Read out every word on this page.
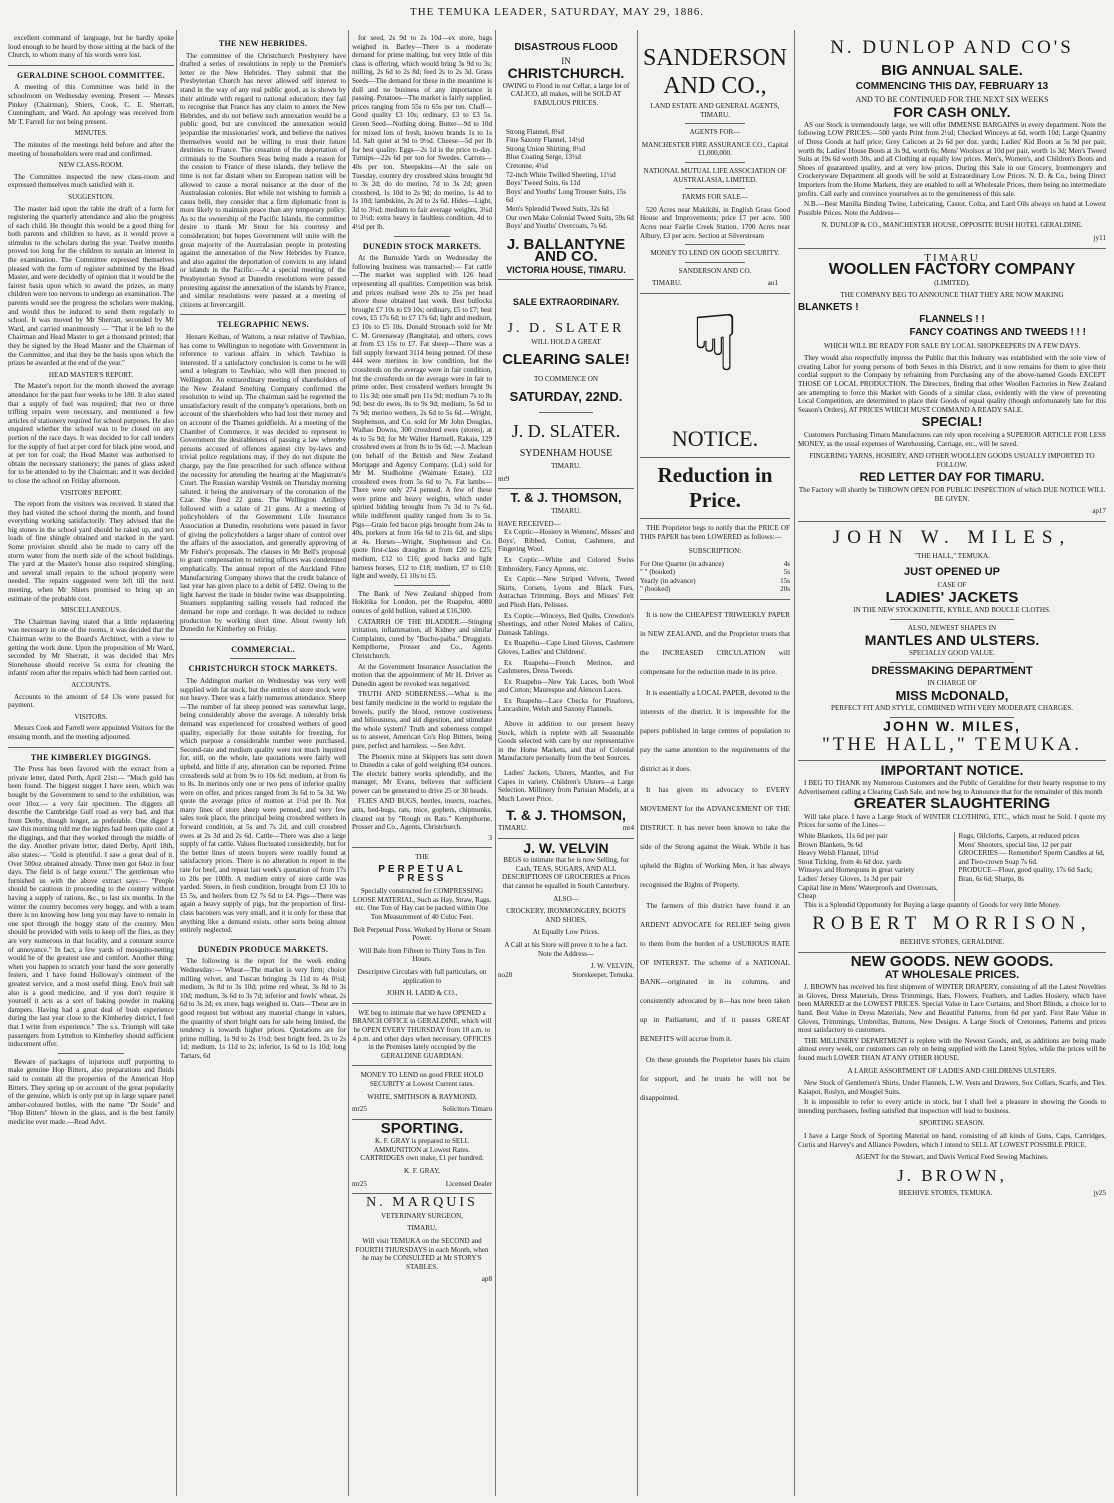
THE TEMUKA LEADER, SATURDAY, MAY 29, 1886.

excellent command of language, but he hardly spoke loud enough to be heard by those sitting at the back of the Church, to whom many of his words were lost.

GERALDINE SCHOOL COMMITTEE.

A meeting of this Committee was held in the schoolroom on Wednesday evening. Present — Messrs Pinkey (Chairman), Shiers, Cook, C. E. Sherratt, Cunningham, and Ward. An apology was received from Mr T. Farrell for not being present.

MINUTES.

The minutes of the meetings held before and after the meeting of householders were read and confirmed.

NEW CLASS-ROOM.

The Committee inspected the new class-room and expressed themselves much satisfied with it.

SUGGESTION.

The master laid upon the table the draft of a form for registering the quarterly attendance and also the progress of each child. He thought this would be a good thing for both parents and children to have, as it would prove a stimulus to the scholars during the year. Twelve months proved too long for the children to sustain an interest in the examination. The Committee expressed themselves pleased with the form of register submitted by the Head Master, and were decidedly of opinion that it would be the fairest basis upon which to award the prizes, as many children were too nervous to undergo an examination. The parents would see the progress the scholars were making, and would thus be induced to send them regularly to school. It was moved by Mr Sherratt, seconded by Mr Ward, and carried unanimously — "That it be left to the Chairman and Head Master to get a thousand printed; that they be signed by the Head Master and the Chairman of the Committee, and that they be the basis upon which the prizes be awarded at the end of the year."

HEAD MASTER'S REPORT.

The Master's report for the month showed the average attendance for the past four weeks to be 180. It also stated that a supply of fuel was required; that two or three trifling repairs were necessary, and mentioned a few articles of stationery required for school purposes. He also enquired whether the school was to be closed on any portion of the race days. It was decided to for call tenders for the supply of fuel at per cord for black pine wood, and at per ton for coal; the Head Master was authorised to obtain the necessary stationery; the panes of glass asked for to be attended to by the Chairman; and it was decided to close the school on Friday afternoon.

VISITORS' REPORT.

The report from the visitors was received. It stated that they had visited the school during the month, and found everything working satisfactorily. They advised that the big stones in the school yard should be raked up, and ten loads of fine shingle obtained and stacked in the yard. Some provision should also be made to carry off the storm water from the north side of the school buildings. The yard at the Master's house also required shingling, and several small repairs to the school property were needed. The repairs suggested were left till the next meeting, when Mr Shiers promised to bring up an estimate of the probable cost.

MISCELLANEOUS.

The Chairman having stated that a little replastering was necessary in one of the rooms, it was decided that the Chairman write to the Board's Architect, with a view to getting the work done. Upon the proposition of Mr Ward, seconded by Mr Sherratt, it was decided that Mrs Stonehouse should receive 5s extra for cleaning the infants' room after the repairs which had been carried out.

ACCOUNTS.

Accounts to the amount of £4 13s were passed for payment.

VISITORS.

Messrs Cook and Farrell were appointed Visitors for the ensuing month, and the meeting adjourned.

THE KIMBERLEY DIGGINGS.

The Press has been favored with the extract from a private letter, dated Perth, April 21st:— "Much gold has been found. The biggest nugget I have seen, which was bought by the Government to send to the exhibition, was over 10oz.— a very fair specimen. The diggers all describe the Cambridge Gulf road as very bad, and that from Derby, though longer, as preferable. One digger I saw this morning told me the nights had been quite cool at the diggings, and that they worked through the middle of the day. Another private letter, dated Derby, April 18th, also states:— "Gold is plentiful. I saw a great deal of it. Over 500oz obtained already. Three men got 64oz in four days. The field is of large extent." The gentleman who furnished us with the above extract says:— "People should be cautious in proceeding to the country without having a supply of rations, &c., to last six months. In the winter the country becomes very boggy, and with a team there is no knowing how long you may have to remain in one spot through the boggy state of the country. Men should be provided with veils to keep off the flies, as they are very numerous in that locality, and a constant source of annoyance." In fact, a few yards of mosquito-netting would be of the greatest use and comfort. Another thing: when you happen to scratch your hand the sore generally festers, and I have found Holloway's ointment of the greatest service, and a most useful thing. Eno's fruit salt also is a good medicine, and if you don't require it yourself it acts as a sort of baking powder in making dampers. Having had a great deal of bush experience during the last year close to the Kimberley district, I feel that I write from experience." The s.s. Triumph will take passengers from Lyttelton to Kimberley should sufficient inducement offer.

Beware of packages of injurious stuff purporting to make genuine Hop Bitters, also preparations and fluids said to contain all the properties of the American Hop Bitters. They spring up on account of the great popularity of the genuine, which is only put up in large square panel amber-coloured bottles, with the name "Dr Soule" and "Hop Bitters" blown in the glass, and is the best family medicine ever made.—Read Advt.

THE NEW HEBRIDES.

The committee of the Christchurch Presbytery have drafted a series of resolutions in reply to the Premier's letter re the New Hebrides. They submit that the Presbyterian Church has never allowed self interest to stand in the way of any real public good, as is shown by their attitude with regard to national education; they fail to recognise that France has any claim to annex the New Hebrides, and do not believe such annexation would be a public good, but are convinced the annexation would jeopardise the missionaries' work, and believe the natives themselves would not be willing to trust their future destinies to France. The cessation of the deportation of criminals to the Southern Seas being made a reason for the cession to France of these islands, they believe the time is not far distant when no European nation will be allowed to cause a moral nuisance at the door of the Australasian colonies. But while not wishing to furnish a casus belli, they consider that a firm diplomatic front is more likely to maintain peace than any temporary policy. As to the ownership of the Pacific Islands, the committee desire to thank Mr Stout for his courtesy and consideration; but hopes Government will unite with the great majority of the Australasian people in protesting against the annexation of the New Hebrides by France, and also against the deportation of convicts to any island or islands in the Pacific.—At a special meeting of the Presbyterian Synod at Dunedin resolutions were passed protesting against the annexation of the islands by France, and similar resolutions were passed at a meeting of citizens at Invercargill.

TELEGRAPHIC NEWS.

Henare Keihau, of Waitotu, a near relative of Tawhiao, has come to Wellington to negotiate with Government in reference to various affairs in which Tawhiao is interested. If a satisfactory conclusion is come to he will send a telegram to Tawhiao, who will then proceed to Wellington. An extraordinary meeting of shareholders of the New Zealand Smelting Company confirmed the resolution to wind up. The chairman said he regretted the unsatisfactory result of the company's operations, both on account of the shareholders who had lost their money and on account of the Thames goldfields. At a meeting of the Chamber of Commerce, it was decided to represent to Government the desirableness of passing a law whereby persons accused of offences against city by-laws and trivial police regulations may, if they do not dispute the charge, pay the fine prescribed for such offence without the necessity for attending the hearing at the Magistrate's Court. The Russian warship Vestnik on Thursday morning saluted, it being the anniversary of the coronation of the Czar. She fired 22 guns. The Wellington Artillery followed with a salute of 21 guns. At a meeting of policyholders of the Government Life Insurance Association at Dunedin, resolutions were passed in favor of giving the policyholders a larger share of control over the affairs of the association, and generally approving of Mr Fisher's proposals. The clauses in Mr Bell's proposal to grant compensation to retiring officers was condemned emphatically. The annual report of the Auckland Fibre Manufacturing Company shows that the credit balance of last year has given place to a debit of £492. Owing to the light harvest the trade in binder twine was disappointing. Steamers supplanting sailing vessels had reduced the demand for rope and cordage. It was decided to reduce production by working short time. About twenty left Dunedin for Kimberley on Friday.

COMMERCIAL.
CHRISTCHURCH STOCK MARKETS.

The Addington market on Wednesday was very well supplied with fat stock, but the entries of store stock were not heavy. There was a fairly numerous attendance. Sheep—The number of fat sheep penned was somewhat large, being considerably above the average. A tolerably brisk demand was experienced for crossbred wethers of good quality, especially for those suitable for freezing, for which purpose a considerable number were purchased. Second-rate and medium quality were not much inquired for, still, on the whole, late quotations were fairly well upheld, and little if any, alteration can be reported. Prime crossbreds sold at from 9s to 10s 6d; medium, at from 6s to 8s. In merinos only one or two pens of inferior quality were on offer, and prices ranged from 3s 6d to 5s 3d. We quote the average price of mutton at 1½d per lb. Not many lines of store sheep were penned, and very few sales took place, the principal being crossbred wethers in forward condition, at 5s and 7s 2d, and cull crossbred ewes at 2s 3d and 2s 6d. Cattle—There was also a large supply of fat cattle. Values fluctuated considerably, but for the better lines of steers buyers were readily found at satisfactory prices. There is no alteration to report in the rate for beef, and repeat last week's quotation of from 17s to 20s per 100lb. A medium entry of store cattle was yarded. Steers, in fresh condition, brought from £3 10s to £5 5s, and heifers from £2 7s 6d to £4. Pigs—There was again a heavy supply of pigs, but the proportion of first-class baconers was very small, and it is only for these that anything like a demand exists, other sorts being almost entirely neglected.

DUNEDIN PRODUCE MARKETS.

The following is the report for the week ending Wednesday:— Wheat—The market is very firm; choice milling velvet, and Tuscan bringing 3s 11d to 4s 0½d; medium, 3s 8d to 3s 10d; prime red wheat, 3s 8d to 3s 10d; medium, 3s 6d to 3s 7d; inferior and fowls' wheat, 2s 6d to 3s 2d; ex store, bags weighed in. Oats—These are in good request but without any material change in values, the quantity of short bright oats for sale being limited, the tendency is towards higher prices. Quotations are for prime milling, 1s 9d to 2s 1½d; best bright feed, 2s to 2s 1d; medium, 1s 11d to 2s; inferior, 1s 6d to 1s 10d; long Tartars, 6d

for seed, 2s 9d to 2s 10d—ex store, bags weighed in. Barley—There is a moderate demand for prime malting, but very little of this class is offering, which would bring 3s 9d to 3s; milling, 2s 6d to 2s 8d; feed 2s to 2s 3d. Grass Seeds—The demand for these in the meantime is dull and no business of any importance is passing. Potatoes—The market is fairly supplied, prices ranging from 55s to 65s per ton. Chaff—Good quality £3 10s; ordinary, £3 to £3 5s. Green Seed—Nothing doing. Butter—9d to 10d for mixed lots of fresh, known brands 1s to 1s 1d. Salt quiet at 9d to 9½d. Cheese—5d per lb for best quality. Eggs—2s 1d is the price to-day. Turnips—22s 6d per ton for Swedes. Carrots—40s per ton. Sheepskins—At the sale on Tuesday, country dry crossbred skins brought 9d to 3s 2d; do do merino, 7d to 3s 2d; green crossbred, 1s 10d to 2s 9d; do merino, 1s 4d to 1s 10d; lambskins, 2s 2d to 2s 6d. Hides—Light, 3d to 3¼d; medium to fair average weights, 3¼d to 3½d; extra heavy in faultless condition, 4d to 4½d per lb.

DUNEDIN STOCK MARKETS.

At the Burnside Yards on Wednesday the following business was transacted:— Fat cattle—The market was supplied with 126 head representing all qualities. Competition was brisk and prices realised were 20s to 25s per head above those obtained last week. Best bullocks brought £7 10s to £9 10s; ordinary, £5 to £7; best cows, £5 17s 6d; to £7 17s 6d; light and medium, £3 10s to £5 10s. Donald Stronach sold for Mr C. M. Greenaway (Rangitata), and others, cows at from £3 15s to £7. Fat sheep—There was a full supply forward 3114 being penned. Of these 444 were merinos in low condition, but the crossbreds on the average were in fair condition, but the crossbreds on the average were in fair to prime order. Best crossbred wethers brought 9s to 11s 3d; one small pen 11s 9d; medium 7s to 8s 9d; best do ewes, 8s to 9s 9d; medium, 5s 6d to 7s 9d; merino wethers, 2s 6d to 5s 6d.—Wright, Stephenson, and Co. sold for Mr John Douglas, Waihao Downs, 300 crossbred ewes (stores), at 4s to 5s 9d; for Mr Walter Hartnell, Rakaia, 129 crossbred ewes at from 8s to 9s 6d; —J. Maclean (on behalf of the British and New Zealand Mortgage and Agency Company, (Ld.) sold for Mr M. Studholme (Waimate Estate), 132 crossbred ewes from 5s 6d to 7s. Fat lambs—There were only 274 penned. A few of these were prime and heavy weights, which under spirited bidding brought from 7s 3d to 7s 6d, while indifferent quality ranged from 3s to 5s. Pigs—Grain fed bacon pigs brought from 24s to 40s, porkers at from 16s 6d to 21s 6d, and slips at 4s. Horses—Wright, Stephenson and Co. quote first-class draughts at from £20 to £25; medium, £12 to £16; good hacks and light harness horses, £12 to £18; medium, £7 to £10; light and weedy, £1 10s to £5.

The Bank of New Zealand shipped from Hokitika for London, per the Ruapehu, 4080 ounces of gold bullion, valued at £16,300.

CATARRH OF THE BLADDER.—Stinging irritation, inflammation, all Kidney and similar Complaints, cured by "Buchu-paiba." Druggists. Kempthorne, Prosser and Co., Agents Christchurch.

At the Government Insurance Association the motion that the appointment of Mr H. Driver as Dunedin agent be revoked was negatived.

TRUTH AND SOBERNESS.—What is the best family medicine in the world to regulate the bowels, purify the blood, remove costiveness and biliousness, and aid digestion, and stimulate the whole system? Truth and soberness compel us to answer, American Co's Hop Bitters, being pure, perfect and harmless. —See Advt.

The Phoenix mine at Skippers has sent down to Dunedin a cake of gold weighing 834 ounces. The electric battery works splendidly, and the manager, Mr Evans, believes that sufficient power can be generated to drive 25 or 30 heads.

FLIES AND BUGS, beetles, insects, roaches, ants, bed-bugs, rats, mice, gophers, chipmunks, cleared out by "Rough on Rats." Kempthorne, Prosser and Co., Agents, Christchurch.

3
THE
PERPETUAL PRESS
Specially constructed for COMPRESSING LOOSE MATERIAL, Such as Hay, Straw, Rags, etc. One Ton of Hay can be packed within One Ton Measurement of 40 Cubic Feet.
Belt Perpetual Press. Worked by Horse or Steam Power.
Will Bale from Fifteen to Thirty Tons in Ten Hours.
Descriptive Circulars with full particulars, on application to
JOHN H. LADD & CO.,
WE beg to intimate that we have OPENED a BRANCH OFFICE in GERALDINE, which will be OPEN EVERY THURSDAY from 10 a.m. to 4 p.m. and other days when necessary. OFFICES in the Premises lately occupied by the GERALDINE GUARDIAN.
MONEY TO LEND on good FREE HOLD SECURITY at Lowest Current rates.
WHITE, SMITHSON & RAYMOND,
mr25	Solicitors Timaru
SPORTING.
K. F. GRAY is prepared to SELL AMMUNITION at Lowest Rates. CARTRIDGES own make, £1 per hundred.
K. F. GRAY,
mr25	Licensed Dealer
N. MARQUIS
VETERINARY SURGEON,
TIMARU,
Will visit TEMUKA on the SECOND and FOURTH THURSDAYS in each Month, when he may be CONSULTED at Mr STORY'S STABLES.
ap8
DISASTROUS FLOOD
IN
CHRISTCHURCH.
OWING to Flood in our Cellar, a large lot of CALICO, all makes, will be SOLD AT FABULOUS PRICES.
Strong Flannel, 8¼d
Fine Saxony Flannel, 14½d
Strong Union Shirting, 8½d
Blue Coating Serge, 13½d
Cretonne, 4½d
72-inch White Twilled Sheeting, 11½d
Boys' Tweed Suits, 6s 11d
Boys' and Youths' Long Trouser Suits, 15s 6d
Men's Splendid Tweed Suits, 32s 6d
Our own Make Colonial Tweed Suits, 59s 6d
Boys' and Youths' Overcoats, 7s 6d.
J. BALLANTYNE
AND CO.
VICTORIA HOUSE, TIMARU.
SALE EXTRAORDINARY.
J. D. SLATER
WILL HOLD A GREAT
CLEARING SALE!
TO COMMENCE ON
SATURDAY, 22ND.
J. D. SLATER.
SYDENHAM HOUSE
TIMARU.
mr9
T. & J. THOMSON,
TIMARU.
HAVE RECEIVED—

Ex Coptic—Hosiery in Womens', Misses' and Boys', Ribbed, Cotton, Cashmere, and Fingering Wool.

Ex Coptic—White and Colored Swiss Embroidery, Fancy Aprons, etc.

Ex Coptic—New Striped Velvets, Tweed Skirts, Corsets, Lyons and Black Furs, Astrachan Trimming, Boys and Misses' Felt and Plush Hats, Pelisses.

Ex Coptic—Winceys, Bed Quilts, Crewdon's Sheetings, and other Noted Makes of Calico, Damask Tablings.

Ex Ruapehu—Cape Lined Gloves, Cashmere Gloves, Ladies' and Childrens'.

Ex Ruapehu—French Merinos, and Cashmeres, Dress Tweeds.

Ex Ruapehu—New Yak Laces, both Wool and Cotton; Maurespue and Alencon Laces.

Ex Ruapehu—Lace Checks for Pinafores, Lancashire, Welsh and Saxony Flannels.

Above in addition to our present heavy Stock, which is replete with all Seasonable Goods selected with care by our representative in the Home Markets, and that of Colonial Manufacture personally from the best Sources.

Ladies' Jackets, Ulsters, Mantles, and Fur Capes in variety. Children's Ulsters—a Large Selection. Millinery from Parisian Models, at a Much Lower Price.

T. & J. THOMSON,
TIMARU.	mr4
J. W. VELVIN
BEGS to intimate that he is now Selling, for Cash, TEAS, SUGARS, AND ALL DESCRIPTIONS OF GROCERIES at Prices that cannot be equalled in South Canterbury.
ALSO—
CROCKERY, IRONMONGERY, BOOTS AND SHOES,
At Equally Low Prices.
A Call at his Store will prove it to be a fact. Note the Address—
J. W. VELVIN,
no28	Storekeeper, Temuka.
SANDERSON
AND CO.,
LAND ESTATE AND GENERAL AGENTS, TIMARU.
AGENTS FOR—
MANCHESTER FIRE ASSURANCE CO., Capital £1,000,000.
NATIONAL MUTUAL LIFE ASSOCIATION OF AUSTRALASIA, LIMITED.
FARMS FOR SALE—

520 Acres near Makikihi, in English Grass Good House and Improvements; price £7 per acre. 500 Acres near Fairlie Creek Station. 1700 Acres near Albury, £3 per acre. Section at Silverstream

MONEY TO LEND ON GOOD SECURITY.
SANDERSON AND CO.
TIMARU.	au1
☟
NOTICE.
Reduction in Price.

THE Proprietor begs to notify that the PRICE OF THIS PAPER has been LOWERED as follows:—

SUBSCRIPTION:
For One Quarter (in advance)	4s
" " (booked)	5s
Yearly (in advance)	15s
" (booked)	20s

It is now the CHEAPEST TRIWEEKLY PAPER in NEW ZEALAND, and the Proprietor trusts that the INCREASED CIRCULATION will compensate for the reduction made in its price.

It is essentially a LOCAL PAPER, devoted to the interests of the district. It is impossible for the papers published in large centres of population to pay the same attention to the requirements of the district as it does.

It has given its advocacy to EVERY MOVEMENT for the ADVANCEMENT OF THE DISTRICT. It has never been known to take the side of the Strong against the Weak. While it has upheld the Rights of Working Men, it has always recognised the Rights of Property.

The farmers of this district have found it an ARDENT ADVOCATE for RELIEF being given to them from the burden of a USURIOUS RATE OF INTEREST. The scheme of a NATIONAL BANK—originated in its columns, and consistently advocated by it—has now been taken up in Parliament, and if it passes GREAT BENEFITS will accrue from it.

On these grounds the Proprietor bases his claim for support, and he trusts he will not be disappointed.

N. DUNLOP AND CO'S
BIG ANNUAL SALE.
COMMENCING THIS DAY, FEBRUARY 13
AND TO BE CONTINUED FOR THE NEXT SIX WEEKS
FOR CASH ONLY.

AS our Stock is tremendously large, we will offer IMMENSE BARGAINS in every department. Note the following LOW PRICES:—500 yards Print from 2½d; Checked Winceys at 6d, worth 10d; Large Quantity of Dress Goods at half price; Grey Calicoes at 2s 6d per doz. yards; Ladies' Kid Boots at 5s 9d per pair, worth 8s; Ladies' House Boots at 3s 9d, worth 6s; Mens' Woolsox at 10d per pair, worth 1s 3d; Men's Tweed Suits at 19s 6d worth 30s, and all Clothing at equally low prices. Men's, Women's, and Children's Boots and Shoes of guaranteed quality, and at very low prices. During this Sale in our Grocery, Ironmongery and Crockeryware Department all goods will be sold at Extraordinary Low Prices. N. D. & Co., being Direct Importers from the Home Markets, they are enabled to sell at Wholesale Prices, there being no intermediate profits. Call early and convince yourselves as to the genuineness of this sale.

N.B.—Best Manilla Binding Twine, Lubricating, Castor, Colza, and Lard Oils always on hand at Lowest Possible Prices. Note the Address—

N. DUNLOP & CO., MANCHESTER HOUSE, OPPOSITE BUSH HOTEL GERALDINE.
jy11
TIMARU
WOOLLEN FACTORY COMPANY
(LIMITED).
THE COMPANY BEG TO ANNOUNCE THAT THEY ARE NOW MAKING
BLANKETS !
FLANNELS ! !
FANCY COATINGS AND TWEEDS ! ! !
WHICH WILL BE READY FOR SALE BY LOCAL SHOPKEEPERS IN A FEW DAYS.

They would also respectfully impress the Public that this Industry was established with the sole view of creating Labor for young persons of both Sexes in this District, and it now remains for them to give their cordial support to the Company by refraining from Purchasing any of the above-named Goods EXCEPT THOSE OF LOCAL PRODUCTION. The Directors, finding that other Woollen Factories in New Zealand are attempting to force this Market with Goods of a similar class, evidently with the view of preventing Local Competition, are determined to place their Goods of equal quality (though unfortunately late for this Season's Orders), AT PRICES WHICH MUST COMMAND A READY SALE.

SPECIAL!

Customers Purchasing Timaru Manufactures can rely upon receiving a SUPERIOR ARTICLE FOR LESS MONEY, as the usual expenses of Warehousing, Carriage, etc., will be saved.

FINGERING YARNS, HOSIERY, AND OTHER WOOLLEN GOODS USUALLY IMPORTED TO FOLLOW.
RED LETTER DAY FOR TIMARU.
The Factory will shortly be THROWN OPEN FOR PUBLIC INSPECTION of which DUE NOTICE WILL BE GIVEN.
ap17
JOHN W. MILES,
"THE HALL," TEMUKA.
JUST OPENED UP
CASE OF
LADIES' JACKETS
IN THE NEW STOCKINETTE, KYRLE, AND BOUCLE CLOTHS.
ALSO, NEWEST SHAPES IN
MANTLES AND ULSTERS.
SPECIALLY GOOD VALUE.
DRESSMAKING DEPARTMENT
IN CHARGE OF
MISS McDONALD,
PERFECT FIT AND STYLE, COMBINED WITH VERY MODERATE CHARGES.
JOHN W. MILES,
"THE HALL," TEMUKA.
IMPORTANT NOTICE.

I BEG TO THANK my Numerous Customers and the Public of Geraldine for their hearty response to my Advertisement calling a Clearing Cash Sale, and now beg to Announce that for the remainder of this month

GREATER SLAUGHTERING

Will take place. I have a Large Stock of WINTER CLOTHING, ETC., which must be Sold. I quote my Prices for some of the Lines—

White Blankets, 11s 6d per pair
Brown Blankets, 9s 6d
Heavy Welsh Flannel, 10½d
Stout Ticking, from 4s 6d doz. yards
Winseys and Homespuns in great variety
Ladies' Jersey Gloves, 1s 3d per pair
Capital line in Mens' Waterproofs and Overcoats, Cheap
Rugs, Oilcloths, Carpets, at reduced prices
Mens' Shooters, special line, 12 per pair
GROCERIES — Remember! Sperm Candles at 6d, and Two-crown Soap 7s 6d.
PRODUCE—Flour, good quality, 17s 6d Sack; Bran, 6s 6d; Sharps, 8s

This is a Splendid Opportunity for Buying a large quantity of Goods for very little Money.

ROBERT MORRISON,
BEEHIVE STORES, GERALDINE.
NEW GOODS. NEW GOODS.
AT WHOLESALE PRICES.

J. BROWN has received his first shipment of WINTER DRAPERY, consisting of all the Latest Novelties in Gloves, Dress Materials, Dress Trimmings, Hats, Flowers, Feathers, and Ladies Hosiery, which have been MARKED at the LOWEST PRICES. Special Value in Lace Curtains, and Short Blinds, a choice lot to hand. Best Value in Dress Materials, New and Beautiful Patterns, from 6d per yard. First Rate Value in Gloves, Trimmings, Umbrellas, Buttons, New Designs. A Large Stock of Cretonnes, Patterns and prices most satisfactory to customers.

THE MILLINERY DEPARTMENT is replete with the Newest Goods, and, as additions are being made almost every week, our customers can rely on being supplied with the Latest Styles, while the prices will be found much LOWER THAN AT ANY OTHER HOUSE.

A LARGE ASSORTMENT OF LADIES AND CHILDRENS ULSTERS.

New Stock of Gentlemen's Shirts, Under Flannels, L.W. Vests and Drawers, Sox Collars, Scarfs, and Ties. Kaiapoi, Roslyn, and Mosgiel Suits.

It is impossible to refer to every article in stock, but I shall feel a pleasure in showing the Goods to intending purchasers, feeling satisfied that inspection will lead to business.

SPORTING SEASON.

I have a Large Stock of Sporting Material on hand, consisting of all kinds of Guns, Caps, Cartridges, Curtis and Harvey's and Alliance Powders, which I intend to SELL AT LOWEST POSSIBLE PRICE.

AGENT for the Stewart, and Davis Vertical Feed Sewing Machines.
J. BROWN,
BEEHIVE STORES, TEMUKA.	jy25
